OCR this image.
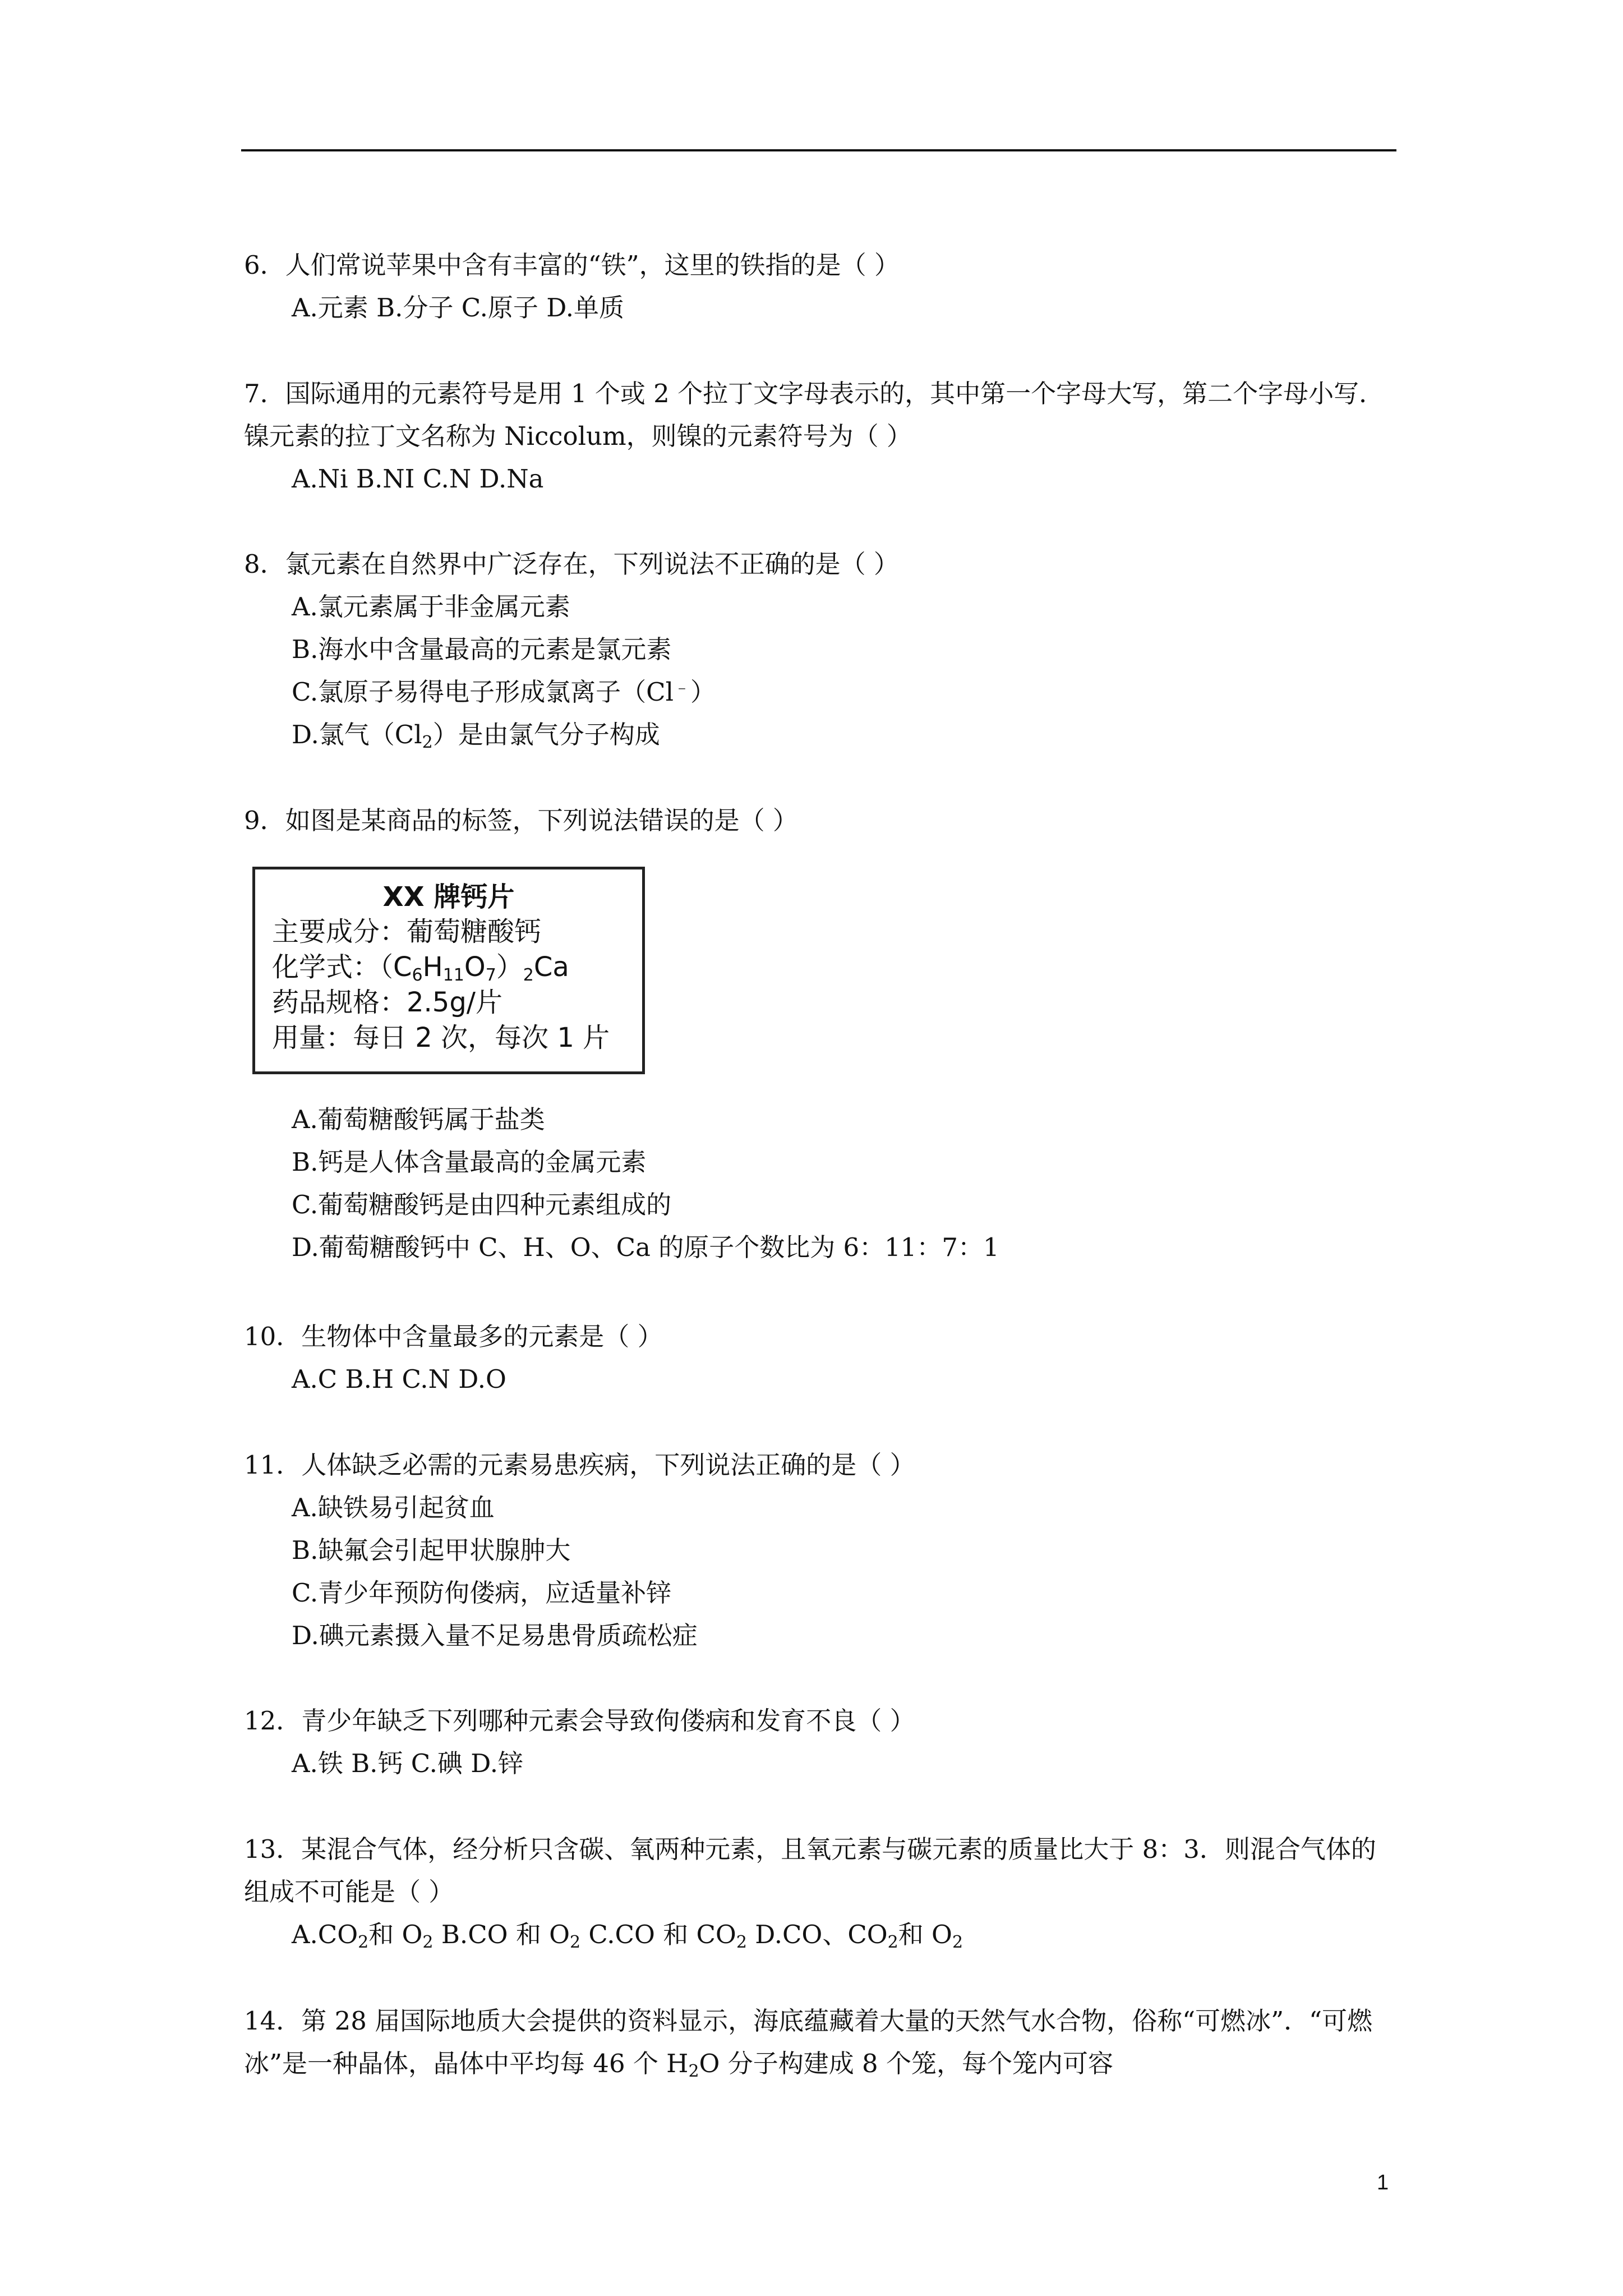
6．人们常说苹果中含有丰富的“铁”，这里的铁指的是（ ）

A.元素 B.分子 C.原子 D.单质

7．国际通用的元素符号是用 1 个或 2 个拉丁文字母表示的，其中第一个字母大写，第二个字母小写．镍元素的拉丁文名称为 Niccolum，则镍的元素符号为（ ）

A.Ni B.NI C.N D.Na

8．氯元素在自然界中广泛存在，下列说法不正确的是（ ）

A.氯元素属于非金属元素

B.海水中含量最高的元素是氯元素

C.氯原子易得电子形成氯离子（Cl﹣）

D.氯气$(Cl_2)$是由氯气分子构成

9．如图是某商品的标签，下列说法错误的是（ ）

XX 牌钙片
主要成分：葡萄糖酸钙
化学式：$(C_6H_{11}O_7)_2Ca$
药品规格：2.5g/片
用量：每日 2 次，每次 1 片

A.葡萄糖酸钙属于盐类

B.钙是人体含量最高的金属元素

C.葡萄糖酸钙是由四种元素组成的

D.葡萄糖酸钙中 C、H、O、Ca 的原子个数比为 6：11：7：1

10．生物体中含量最多的元素是（ ）

A.C B.H C.N D.O

11．人体缺乏必需的元素易患疾病，下列说法正确的是（ ）

A.缺铁易引起贫血

B.缺氟会引起甲状腺肿大

C.青少年预防佝偻病，应适量补锌

D.碘元素摄入量不足易患骨质疏松症

12．青少年缺乏下列哪种元素会导致佝偻病和发育不良（ ）

A.铁 B.钙 C.碘 D.锌

13．某混合气体，经分析只含碳、氧两种元素，且氧元素与碳元素的质量比大于 8：3．则混合气体的组成不可能是（ ）

$A.CO_2$和 $O_2$ B.CO 和 $O_2$ C.CO 和 $CO_2$ D.CO、$CO_2$和 $O_2$

14．第 28 届国际地质大会提供的资料显示，海底蕴藏着大量的天然气水合物，俗称“可燃冰”．“可燃冰”是一种晶体，晶体中平均每 46 个 $H_2O$ 分子构建成 8 个笼，每个笼内可容

1
